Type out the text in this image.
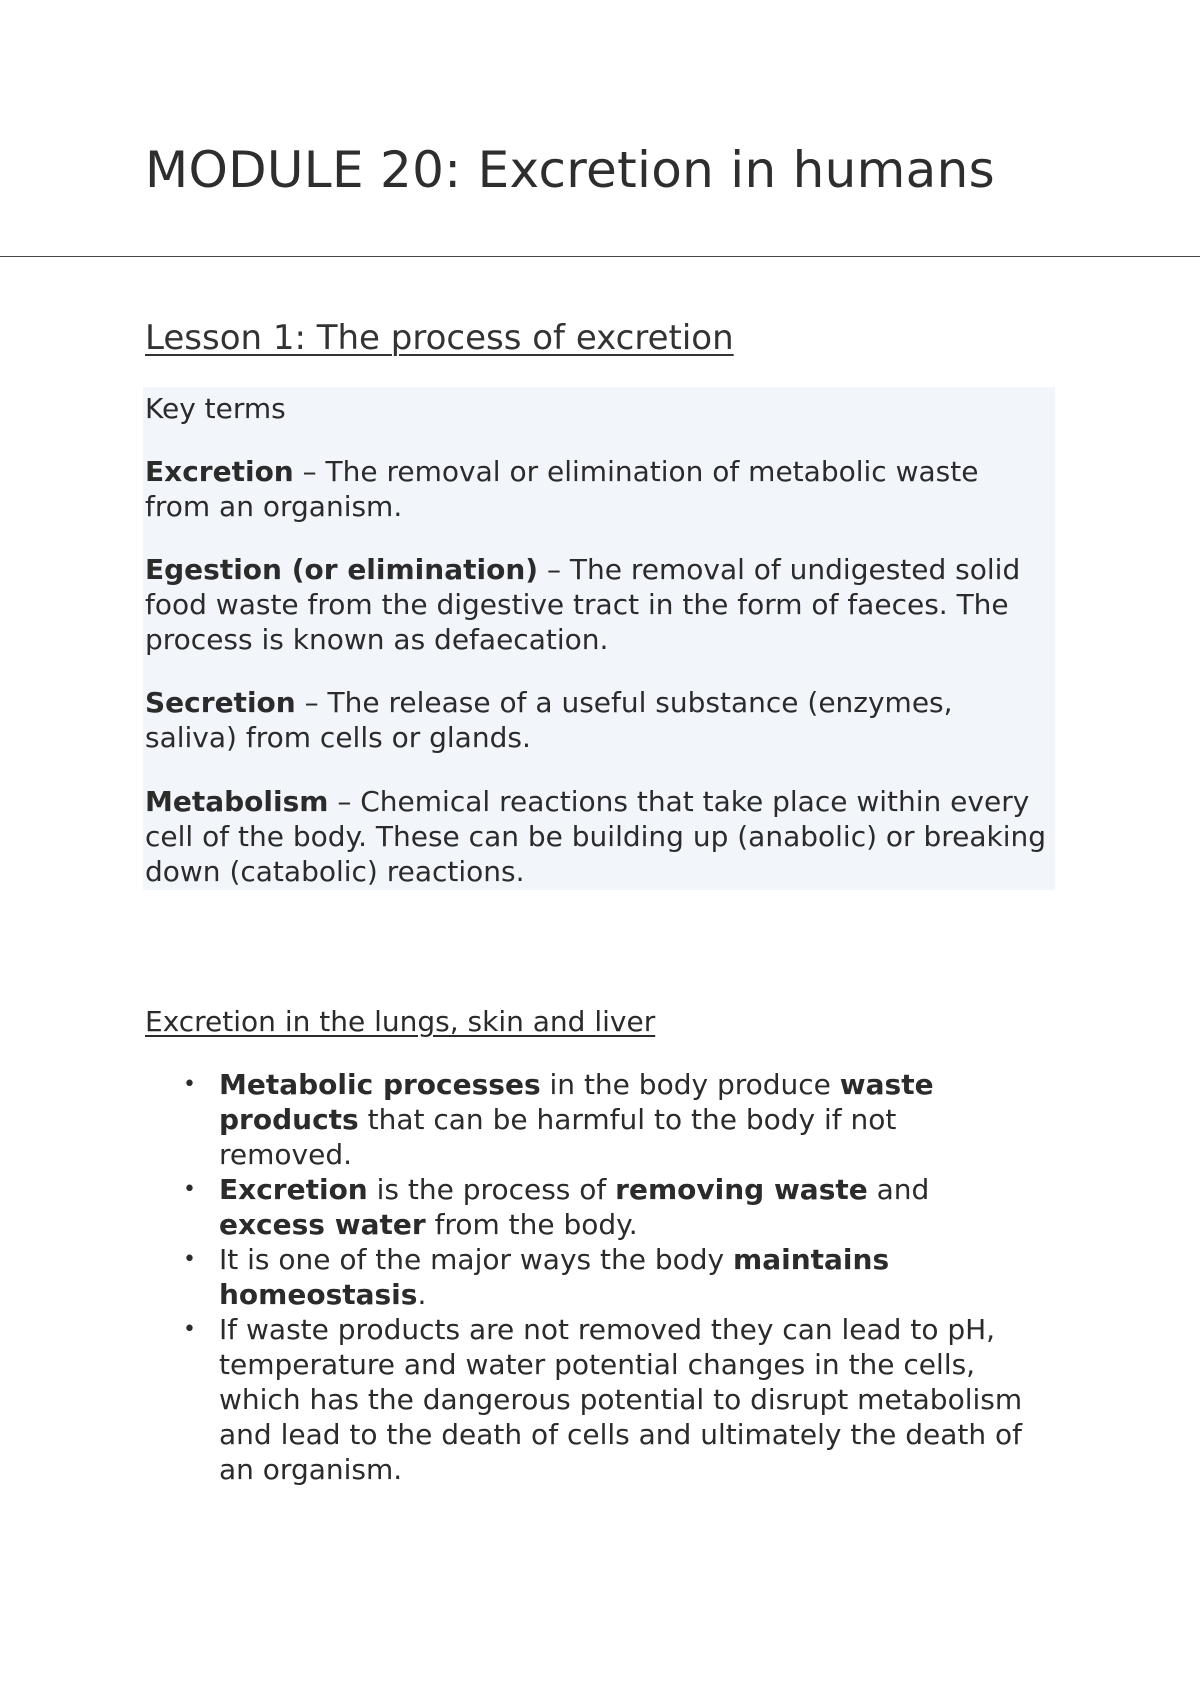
MODULE 20: Excretion in humans
Lesson 1: The process of excretion

Key terms

Excretion – The removal or elimination of metabolic waste from an organism.

Egestion (or elimination) – The removal of undigested solid food waste from the digestive tract in the form of faeces. The process is known as defaecation.

Secretion – The release of a useful substance (enzymes, saliva) from cells or glands.

Metabolism – Chemical reactions that take place within every cell of the body. These can be building up (anabolic) or breaking down (catabolic) reactions.

Excretion in the lungs, skin and liver
• Metabolic processes in the body produce waste products that can be harmful to the body if not removed.
• Excretion is the process of removing waste and excess water from the body.
• It is one of the major ways the body maintains homeostasis.
• If waste products are not removed they can lead to pH, temperature and water potential changes in the cells, which has the dangerous potential to disrupt metabolism and lead to the death of cells and ultimately the death of an organism.
